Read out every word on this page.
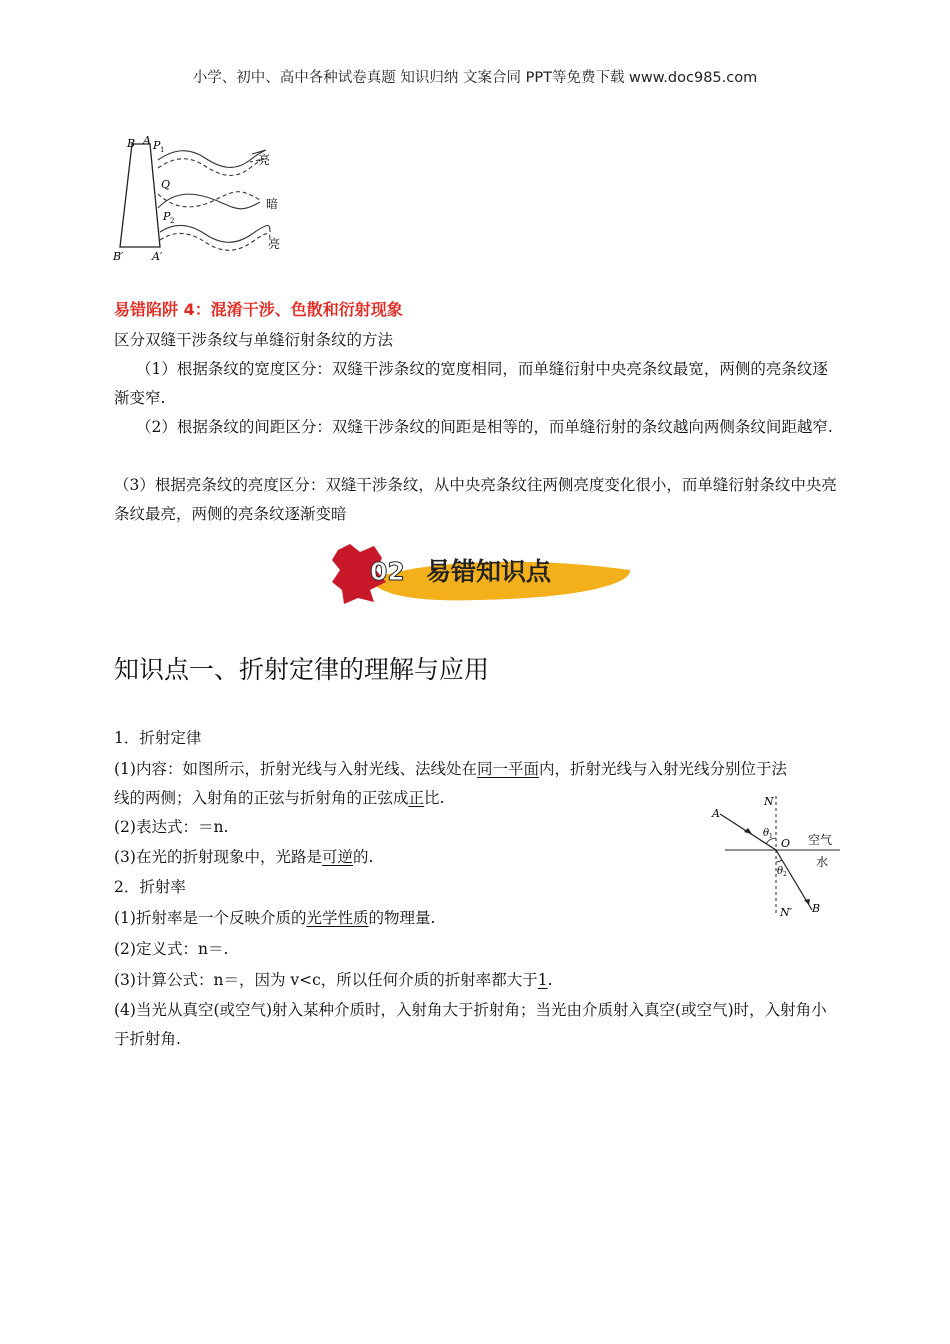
小学、初中、高中各种试卷真题 知识归纳 文案合同 PPT等免费下载 www.doc985.com
B A P 1
Q
P 2
B′	A′
亮
暗
亮
易错陷阱 4：混淆干涉、色散和衍射现象
区分双缝干涉条纹与单缝衍射条纹的方法
（1）根据条纹的宽度区分：双缝干涉条纹的宽度相同，而单缝衍射中央亮条纹最宽，两侧的亮条纹逐渐变窄.
（2）根据条纹的间距区分：双缝干涉条纹的间距是相等的，而单缝衍射的条纹越向两侧条纹间距越窄.
（3）根据亮条纹的亮度区分：双缝干涉条纹，从中央亮条纹往两侧亮度变化很小，而单缝衍射条纹中央亮条纹最亮，两侧的亮条纹逐渐变暗
02 易错知识点
知识点一、折射定律的理解与应用
1．折射定律
(1)内容：如图所示，折射光线与入射光线、法线处在同一平面内，折射光线与入射光线分别位于法
线的两侧；入射角的正弦与折射角的正弦成正比.
(2)表达式：＝n.
(3)在光的折射现象中，光路是可逆的.
2．折射率
(1)折射率是一个反映介质的光学性质的物理量.
(2)定义式：n＝.
(3)计算公式：n＝，因为 v<c，所以任何介质的折射率都大于1.
(4)当光从真空(或空气)射入某种介质时，入射角大于折射角；当光由介质射入真空(或空气)时，入射角小于折射角.
N
A
θ 1
O 空气
水
θ 2
N′ B
